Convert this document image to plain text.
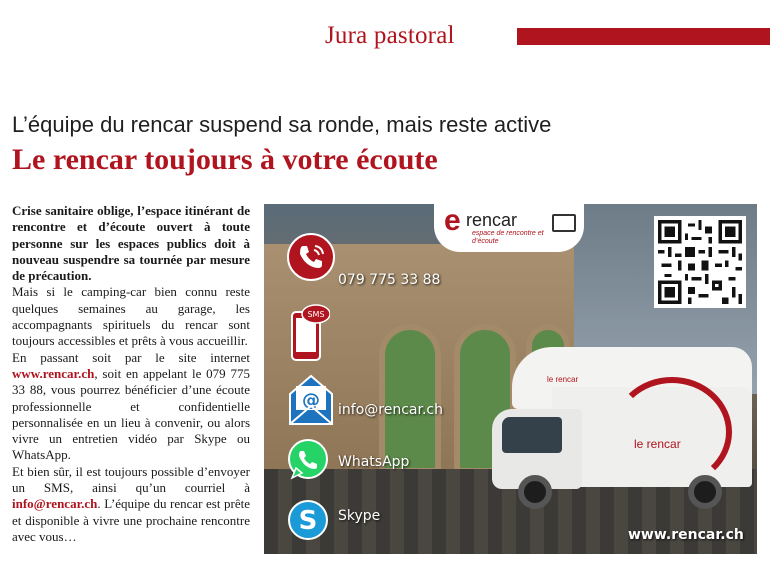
Jura pastoral
L’équipe du rencar suspend sa ronde, mais reste active
Le rencar toujours à votre écoute

Crise sanitaire oblige, l’espace itinérant de rencontre et d’écoute ouvert à toute personne sur les espaces publics doit à nouveau suspendre sa tournée par mesure de précaution.

Mais si le camping-car bien connu reste quelques semaines au garage, les accompagnants spirituels du rencar sont toujours accessibles et prêts à vous accueillir.

En passant soit par le site internet www.rencar.ch, soit en appelant le 079 775 33 88, vous pourrez bénéficier d’une écoute professionnelle et confidentielle personnalisée en un lieu à convenir, ou alors vivre un entretien vidéo par Skype ou WhatsApp.

Et bien sûr, il est toujours possible d’envoyer un SMS, ainsi qu’un courriel à info@rencar.ch. L’équipe du rencar est prête et disponible à vivre une prochaine rencontre avec vous…

le rencar
le rencar
e rencar
espace de rencontre et d’écoute
079 775 33 88
SMS
@ info@rencar.ch
WhatsApp
S Skype
www.rencar.ch
